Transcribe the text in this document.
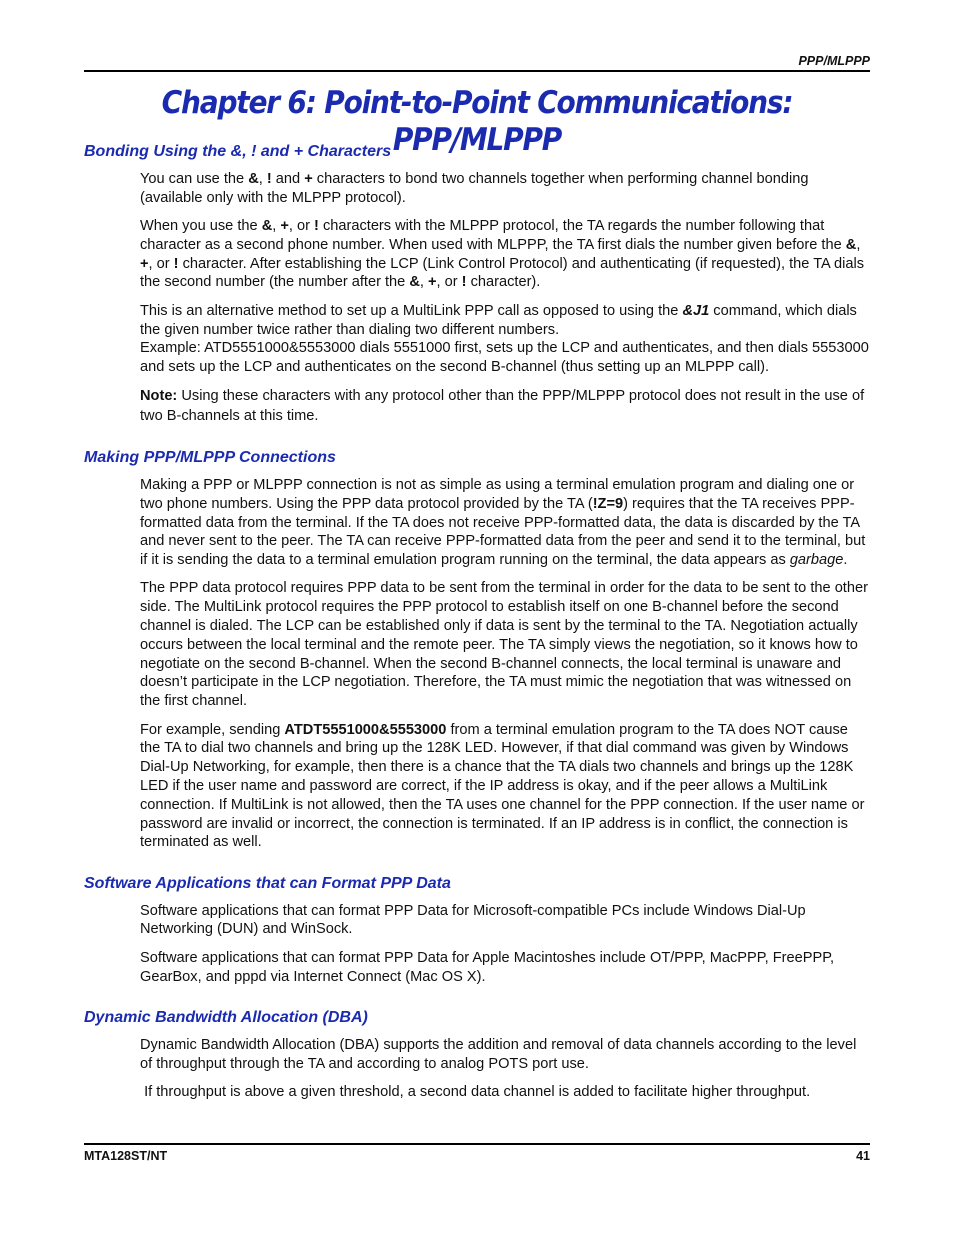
PPP/MLPPP
Chapter 6: Point-to-Point Communications: PPP/MLPPP
Bonding Using the &, ! and + Characters

You can use the &, ! and + characters to bond two channels together when performing channel bonding (available only with the MLPPP protocol).

When you use the &, +, or ! characters with the MLPPP protocol, the TA regards the number following that character as a second phone number. When used with MLPPP, the TA first dials the number given before the &, +, or ! character. After establishing the LCP (Link Control Protocol) and authenticating (if requested), the TA dials the second number (the number after the &, +, or ! character).

This is an alternative method to set up a MultiLink PPP call as opposed to using the &J1 command, which dials the given number twice rather than dialing two different numbers.
Example: ATD5551000&5553000 dials 5551000 first, sets up the LCP and authenticates, and then dials 5553000 and sets up the LCP and authenticates on the second B-channel (thus setting up an MLPPP call).

Note: Using these characters with any protocol other than the PPP/MLPPP protocol does not result in the use of two B-channels at this time.

Making PPP/MLPPP Connections

Making a PPP or MLPPP connection is not as simple as using a terminal emulation program and dialing one or two phone numbers. Using the PPP data protocol provided by the TA (!Z=9) requires that the TA receives PPP-formatted data from the terminal. If the TA does not receive PPP-formatted data, the data is discarded by the TA and never sent to the peer. The TA can receive PPP-formatted data from the peer and send it to the terminal, but if it is sending the data to a terminal emulation program running on the terminal, the data appears as garbage.

The PPP data protocol requires PPP data to be sent from the terminal in order for the data to be sent to the other side. The MultiLink protocol requires the PPP protocol to establish itself on one B-channel before the second channel is dialed. The LCP can be established only if data is sent by the terminal to the TA. Negotiation actually occurs between the local terminal and the remote peer. The TA simply views the negotiation, so it knows how to negotiate on the second B-channel. When the second B-channel connects, the local terminal is unaware and doesn’t participate in the LCP negotiation. Therefore, the TA must mimic the negotiation that was witnessed on the first channel.

For example, sending ATDT5551000&5553000 from a terminal emulation program to the TA does NOT cause the TA to dial two channels and bring up the 128K LED. However, if that dial command was given by Windows Dial-Up Networking, for example, then there is a chance that the TA dials two channels and brings up the 128K LED if the user name and password are correct, if the IP address is okay, and if the peer allows a MultiLink connection. If MultiLink is not allowed, then the TA uses one channel for the PPP connection. If the user name or password are invalid or incorrect, the connection is terminated. If an IP address is in conflict, the connection is terminated as well.

Software Applications that can Format PPP Data

Software applications that can format PPP Data for Microsoft-compatible PCs include Windows Dial-Up Networking (DUN) and WinSock.

Software applications that can format PPP Data for Apple Macintoshes include OT/PPP, MacPPP, FreePPP, GearBox, and pppd via Internet Connect (Mac OS X).

Dynamic Bandwidth Allocation (DBA)

Dynamic Bandwidth Allocation (DBA) supports the addition and removal of data channels according to the level of throughput through the TA and according to analog POTS port use.

If throughput is above a given threshold, a second data channel is added to facilitate higher throughput.

MTA128ST/NT	41
